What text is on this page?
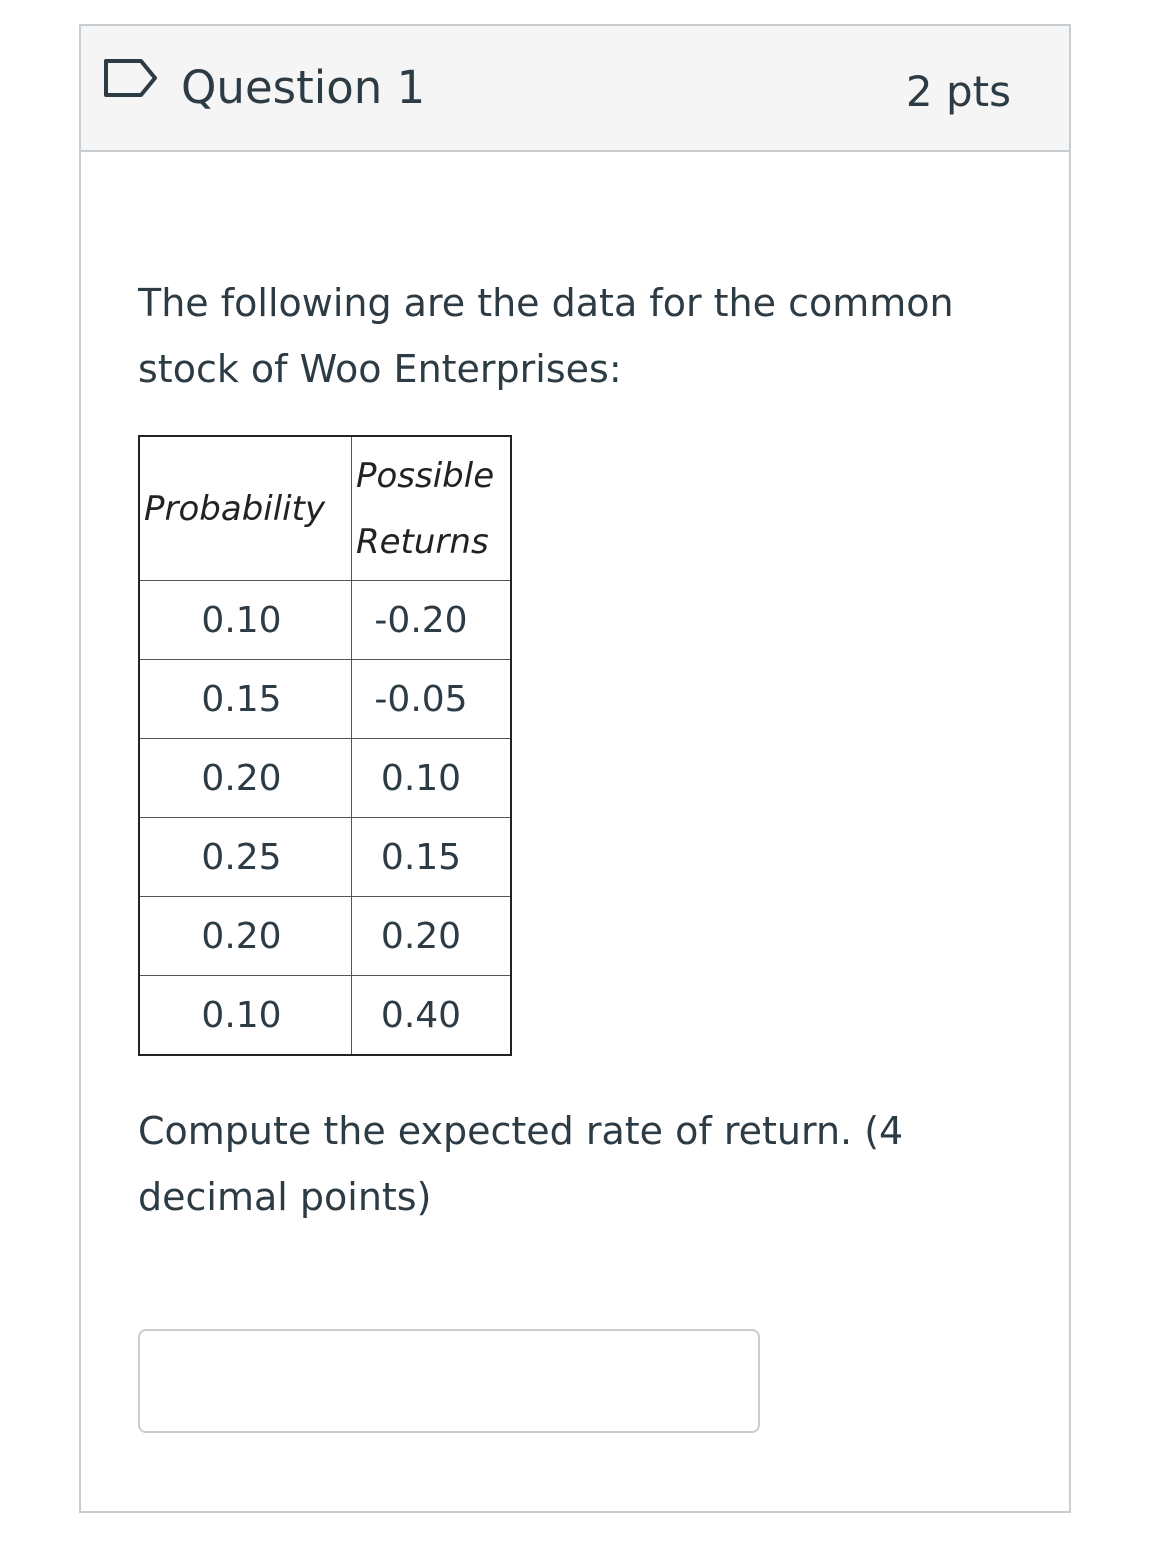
Question 1	2 pts
The following are the data for the common stock of Woo Enterprises:
Probability	Possible
Returns
0.10	-0.20
0.15	-0.05
0.20	0.10
0.25	0.15
0.20	0.20
0.10	0.40
Compute the expected rate of return. (4 decimal points)
